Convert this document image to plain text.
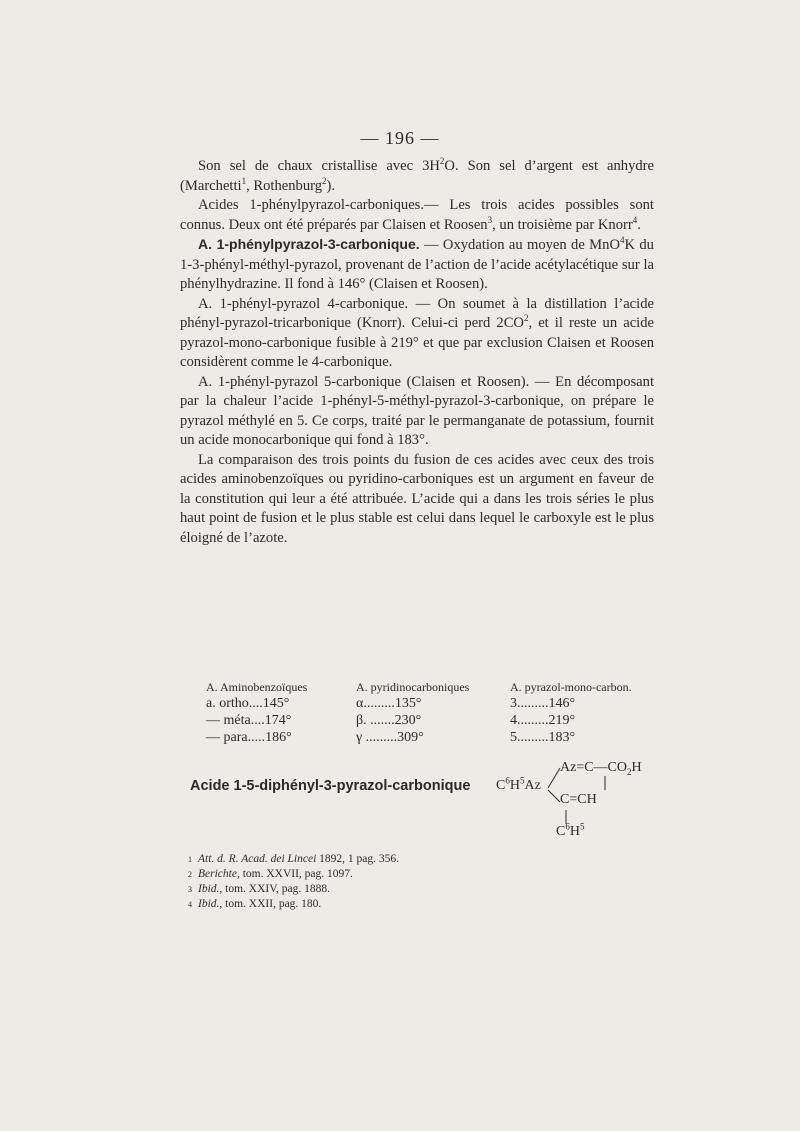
— 196 —

Son sel de chaux cristallise avec $3H^2O$. Son sel d’argent est anhydre (Marchetti$^1$, Rothenburg$^2$).

Acides 1-phénylpyrazol-carboniques.— Les trois acides possibles sont connus. Deux ont été préparés par Claisen et Roosen$^3$, un troisième par Knorr$^4$.

A. 1-phénylpyrazol-3-carbonique. — Oxydation au moyen de MnO$^4$K du 1-3-phényl-méthyl-pyrazol, provenant de l’action de l’acide acétylacétique sur la phénylhydrazine. Il fond à 146° (Claisen et Roosen).

A. 1-phényl-pyrazol 4-carbonique. — On soumet à la distillation l’acide phényl-pyrazol-tricarbonique (Knorr). Celui-ci perd $2CO^2$, et il reste un acide pyrazol-mono-carbonique fusible à 219° et que par exclusion Claisen et Roosen considèrent comme le 4-carbonique.

A. 1-phényl-pyrazol 5-carbonique (Claisen et Roosen). — En décomposant par la chaleur l’acide 1-phényl-5-méthyl-pyrazol-3-carbonique, on prépare le pyrazol méthylé en 5. Ce corps, traité par le permanganate de potassium, fournit un acide monocarbonique qui fond à 183°.

La comparaison des trois points du fusion de ces acides avec ceux des trois acides aminobenzoïques ou pyridino-carboniques est un argument en faveur de la constitution qui leur a été attribuée. L’acide qui a dans les trois séries le plus haut point de fusion et le plus stable est celui dans lequel le carboxyle est le plus éloigné de l’azote.

A. Aminobenzoïques
a. ortho....145°
— méta....174°
— para.....186°
A. pyridinocarboniques
α.........135°
β. .......230°
γ .........309°
A. pyrazol-mono-carbon.
3.........146°
4.........219°
5.........183°
Acide 1-5-diphényl-3-pyrazol-carbonique $C^6H^5Az$
$Az=C—CO_2H$
C=CH
$C^6H^5$
$^1$ Att. d. R. Acad. dei Lincei 1892, 1 pag. 356.
$^2$ Berichte, tom. XXVII, pag. 1097.
$^3$ Ibid., tom. XXIV, pag. 1888.
$^4$ Ibid., tom. XXII, pag. 180.
